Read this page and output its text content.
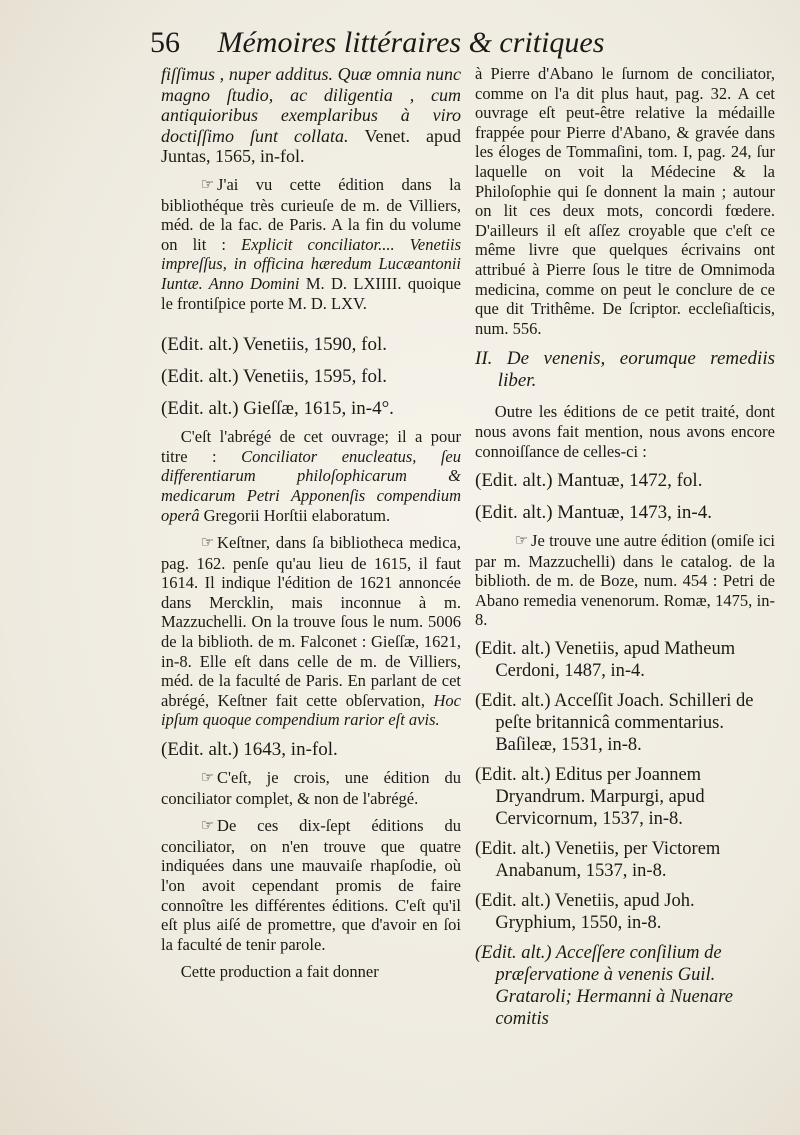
56 Mémoires littéraires & critiques

fiſſimus , nuper additus. Quæ omnia nunc magno ſtudio, ac diligentia , cum antiquioribus exemplaribus à viro doctiſſimo ſunt collata. Venet. apud Juntas, 1565, in-fol.

☞ J'ai vu cette édition dans la bibliothéque très curieuſe de m. de Villiers, méd. de la fac. de Paris. A la fin du volume on lit : Explicit conciliator.... Venetiis impreſſus, in officina hæredum Lucæantonii Iuntæ. Anno Domini M. D. LXIIII. quoique le frontiſpice porte M. D. LXV.

(Edit. alt.) Venetiis, 1590, fol.

(Edit. alt.) Venetiis, 1595, fol.

(Edit. alt.) Gieſſæ, 1615, in-4°.

C'eſt l'abrégé de cet ouvrage; il a pour titre : Conciliator enucleatus, ſeu differentiarum philoſophicarum & medicarum Petri Apponenſis compendium operâ Gregorii Horſtii elaboratum.

☞ Keſtner, dans ſa bibliotheca medica, pag. 162. penſe qu'au lieu de 1615, il faut 1614. Il indique l'édition de 1621 annoncée dans Mercklin, mais inconnue à m. Mazzuchelli. On la trouve ſous le num. 5006 de la biblioth. de m. Falconet : Gieſſæ, 1621, in-8. Elle eſt dans celle de m. de Villiers, méd. de la faculté de Paris. En parlant de cet abrégé, Keſtner fait cette obſervation, Hoc ipſum quoque compendium rarior eſt avis.

(Edit. alt.) 1643, in-fol.

☞ C'eſt, je crois, une édition du conciliator complet, & non de l'abrégé.

☞ De ces dix-ſept éditions du conciliator, on n'en trouve que quatre indiquées dans une mauvaiſe rhapſodie, où l'on avoit cependant promis de faire connoître les différentes éditions. C'eſt qu'il eſt plus aiſé de promettre, que d'avoir en ſoi la faculté de tenir parole.

Cette production a fait donner

à Pierre d'Abano le ſurnom de conciliator, comme on l'a dit plus haut, pag. 32. A cet ouvrage eſt peut-être relative la médaille frappée pour Pierre d'Abano, & gravée dans les éloges de Tommaſini, tom. I, pag. 24, ſur laquelle on voit la Médecine & la Philoſophie qui ſe donnent la main ; autour on lit ces deux mots, concordi fœdere. D'ailleurs il eſt aſſez croyable que c'eſt ce même livre que quelques écrivains ont attribué à Pierre ſous le titre de Omnimoda medicina, comme on peut le conclure de ce que dit Trithême. De ſcriptor. eccleſiaſticis, num. 556.

II. De venenis, eorumque remediis liber.

Outre les éditions de ce petit traité, dont nous avons fait mention, nous avons encore connoiſſance de celles-ci :

(Edit. alt.) Mantuæ, 1472, fol.

(Edit. alt.) Mantuæ, 1473, in-4.

☞ Je trouve une autre édition (omiſe ici par m. Mazzuchelli) dans le catalog. de la biblioth. de m. de Boze, num. 454 : Petri de Abano remedia venenorum. Romæ, 1475, in-8.

(Edit. alt.) Venetiis, apud Matheum Cerdoni, 1487, in-4.

(Edit. alt.) Acceſſit Joach. Schilleri de peſte britannicâ commentarius. Baſileæ, 1531, in-8.

(Edit. alt.) Editus per Joannem Dryandrum. Marpurgi, apud Cervicornum, 1537, in-8.

(Edit. alt.) Venetiis, per Victorem Anabanum, 1537, in-8.

(Edit. alt.) Venetiis, apud Joh. Gryphium, 1550, in-8.

(Edit. alt.) Acceſſere conſilium de præſervatione à venenis Guil. Grataroli; Hermanni à Nuenare comitis
